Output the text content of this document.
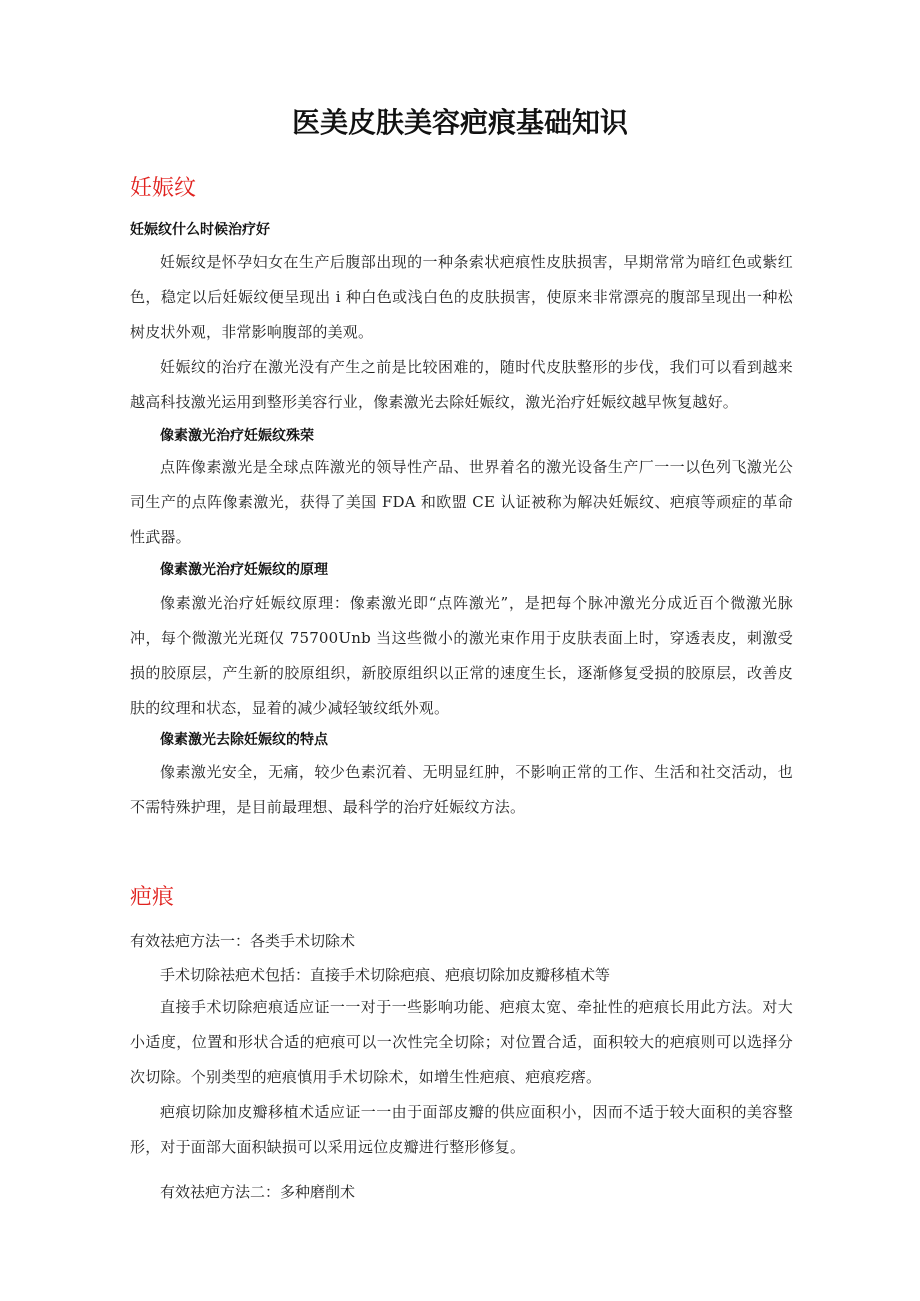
医美皮肤美容疤痕基础知识
妊娠纹
妊娠纹什么时候治疗好

妊娠纹是怀孕妇女在生产后腹部出现的一种条索状疤痕性皮肤损害，早期常常为暗红色或紫红色，稳定以后妊娠纹便呈现出 i 种白色或浅白色的皮肤损害，使原来非常漂亮的腹部呈现出一种松树皮状外观，非常影响腹部的美观。

妊娠纹的治疗在激光没有产生之前是比较困难的，随时代皮肤整形的步伐，我们可以看到越来越高科技激光运用到整形美容行业，像素激光去除妊娠纹，激光治疗妊娠纹越早恢复越好。

像素激光治疗妊娠纹殊荣

点阵像素激光是全球点阵激光的领导性产品、世界着名的激光设备生产厂一一以色列飞激光公司生产的点阵像素激光，获得了美国 FDA 和欧盟 CE 认证被称为解决妊娠纹、疤痕等顽症的革命性武器。

像素激光治疗妊娠纹的原理

像素激光治疗妊娠纹原理：像素激光即“点阵激光”，是把每个脉冲激光分成近百个微激光脉冲，每个微激光光斑仅 75700Unb 当这些微小的激光束作用于皮肤表面上时，穿透表皮，刺激受损的胶原层，产生新的胶原组织，新胶原组织以正常的速度生长，逐渐修复受损的胶原层，改善皮肤的纹理和状态，显着的减少减轻皱纹纸外观。

像素激光去除妊娠纹的特点

像素激光安全，无痛，较少色素沉着、无明显红肿，不影响正常的工作、生活和社交活动，也不需特殊护理，是目前最理想、最科学的治疗妊娠纹方法。

疤痕
有效祛疤方法一：各类手术切除术
手术切除祛疤术包括：直接手术切除疤痕、疤痕切除加皮瓣移植术等

直接手术切除疤痕适应证一一对于一些影响功能、疤痕太宽、牵扯性的疤痕长用此方法。对大小适度，位置和形状合适的疤痕可以一次性完全切除；对位置合适，面积较大的疤痕则可以选择分次切除。个别类型的疤痕慎用手术切除术，如增生性疤痕、疤痕疙瘩。

疤痕切除加皮瓣移植术适应证一一由于面部皮瓣的供应面积小，因而不适于较大面积的美容整形，对于面部大面积缺损可以采用远位皮瓣进行整形修复。

有效祛疤方法二：多种磨削术
